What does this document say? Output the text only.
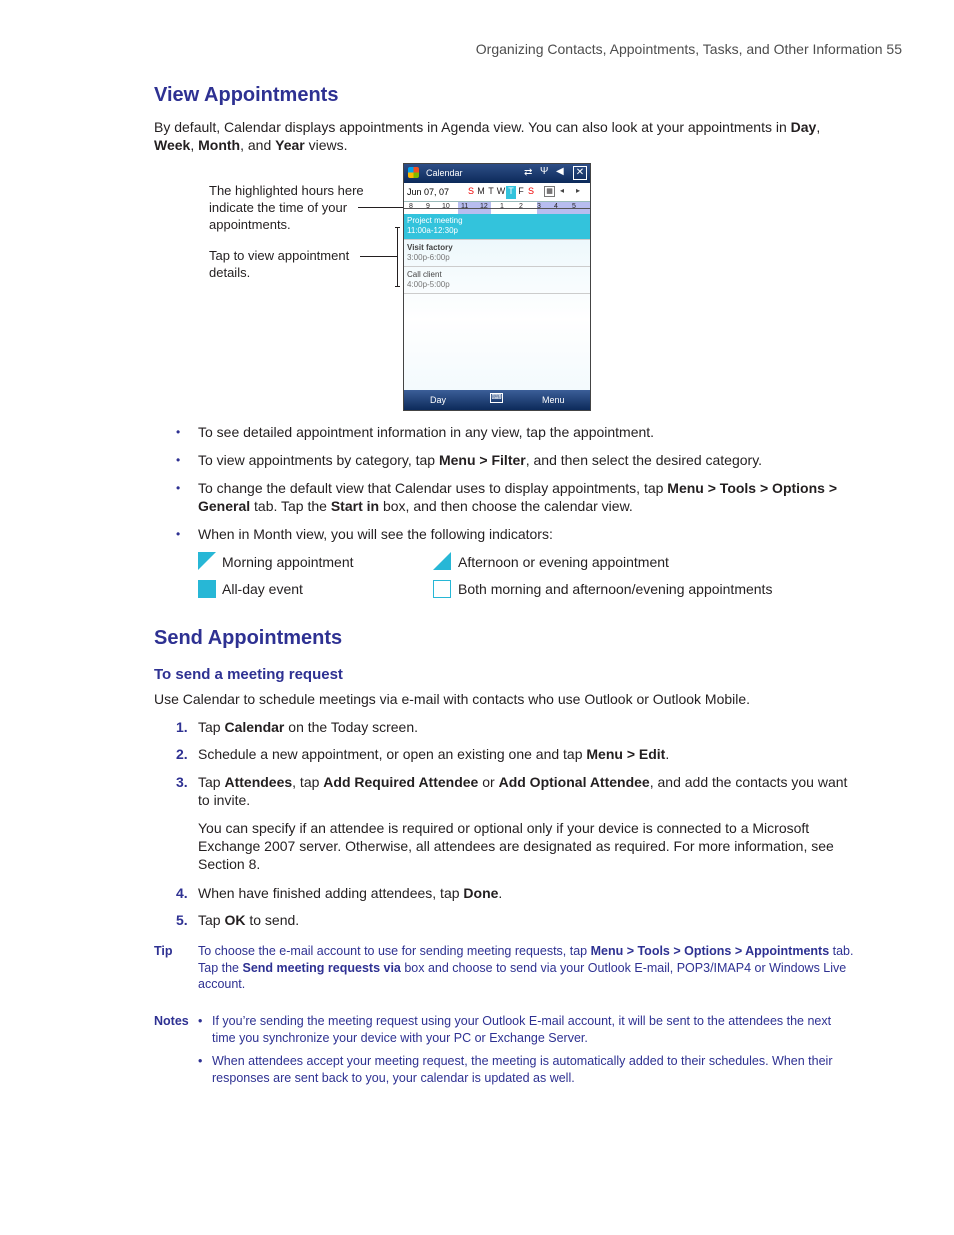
Organizing Contacts, Appointments, Tasks, and Other Information 55
View Appointments
By default, Calendar displays appointments in Agenda view. You can also look at your appointments in Day, Week, Month, and Year views.
The highlighted hours here indicate the time of your appointments.
Tap to view appointment details.
Calendar	⇄ Ψ ◀ ✕
Jun 07, 07 S M T W T F S	▦ ◂ ▸
8 9 10 11 12 1 2 3 4 5
Project meeting
11:00a-12:30p
Visit factory
3:00p-6:00p
Call client
4:00p-5:00p
Day	⌨	Menu
• To see detailed appointment information in any view, tap the appointment.
• To view appointments by category, tap Menu > Filter, and then select the desired category.
• To change the default view that Calendar uses to display appointments, tap Menu > Tools > Options > General tab. Tap the Start in box, and then choose the calendar view.
• When in Month view, you will see the following indicators:
Morning appointment	Afternoon or evening appointment
All-day event	Both morning and afternoon/evening appointments
Send Appointments
To send a meeting request
Use Calendar to schedule meetings via e-mail with contacts who use Outlook or Outlook Mobile.
1. Tap Calendar on the Today screen.
2. Schedule a new appointment, or open an existing one and tap Menu > Edit.
3. Tap Attendees, tap Add Required Attendee or Add Optional Attendee, and add the contacts you want to invite.
You can specify if an attendee is required or optional only if your device is connected to a Microsoft Exchange 2007 server. Otherwise, all attendees are designated as required. For more information, see Section 8.
4. When have finished adding attendees, tap Done.
5. Tap OK to send.
Tip To choose the e-mail account to use for sending meeting requests, tap Menu > Tools > Options > Appointments tab. Tap the Send meeting requests via box and choose to send via your Outlook E-mail, POP3/IMAP4 or Windows Live account.
Notes • If you’re sending the meeting request using your Outlook E-mail account, it will be sent to the attendees the next time you synchronize your device with your PC or Exchange Server.
• When attendees accept your meeting request, the meeting is automatically added to their schedules. When their responses are sent back to you, your calendar is updated as well.
